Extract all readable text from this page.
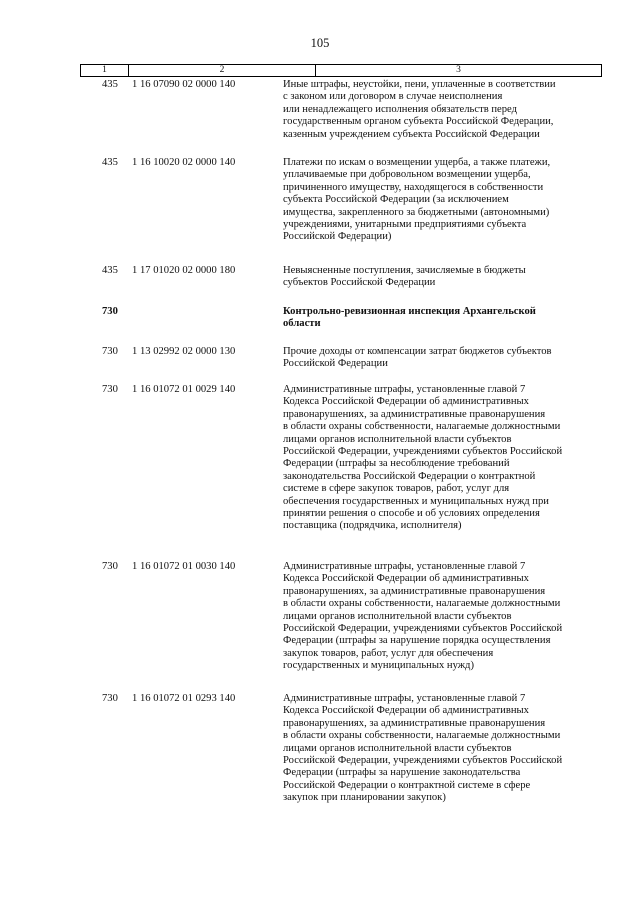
105
1	2	3
435 1 16 07090 02 0000 140	Иные штрафы, неустойки, пени, уплаченные в соответствии

с законом или договором в случае неисполнения

или ненадлежащего исполнения обязательств перед

государственным органом субъекта Российской Федерации,

казенным учреждением субъекта Российской Федерации

435 1 16 10020 02 0000 140	Платежи по искам о возмещении ущерба, а также платежи,

уплачиваемые при добровольном возмещении ущерба,

причиненного имуществу, находящегося в собственности

субъекта Российской Федерации (за исключением

имущества, закрепленного за бюджетными (автономными)

учреждениями, унитарными предприятиями субъекта

Российской Федерации)

435 1 17 01020 02 0000 180	Невыясненные поступления, зачисляемые в бюджеты

субъектов Российской Федерации

730	Контрольно-ревизионная инспекция Архангельской

области

730 1 13 02992 02 0000 130	Прочие доходы от компенсации затрат бюджетов субъектов

Российской Федерации

730 1 16 01072 01 0029 140	Административные штрафы, установленные главой 7

Кодекса Российской Федерации об административных

правонарушениях, за административные правонарушения

в области охраны собственности, налагаемые должностными

лицами органов исполнительной власти субъектов

Российской Федерации, учреждениями субъектов Российской

Федерации (штрафы за несоблюдение требований

законодательства Российской Федерации о контрактной

системе в сфере закупок товаров, работ, услуг для

обеспечения государственных и муниципальных нужд при

принятии решения о способе и об условиях определения

поставщика (подрядчика, исполнителя)

730 1 16 01072 01 0030 140	Административные штрафы, установленные главой 7

Кодекса Российской Федерации об административных

правонарушениях, за административные правонарушения

в области охраны собственности, налагаемые должностными

лицами органов исполнительной власти субъектов

Российской Федерации, учреждениями субъектов Российской

Федерации (штрафы за нарушение порядка осуществления

закупок товаров, работ, услуг для обеспечения

государственных и муниципальных нужд)

730 1 16 01072 01 0293 140	Административные штрафы, установленные главой 7

Кодекса Российской Федерации об административных

правонарушениях, за административные правонарушения

в области охраны собственности, налагаемые должностными

лицами органов исполнительной власти субъектов

Российской Федерации, учреждениями субъектов Российской

Федерации (штрафы за нарушение законодательства

Российской Федерации о контрактной системе в сфере

закупок при планировании закупок)
